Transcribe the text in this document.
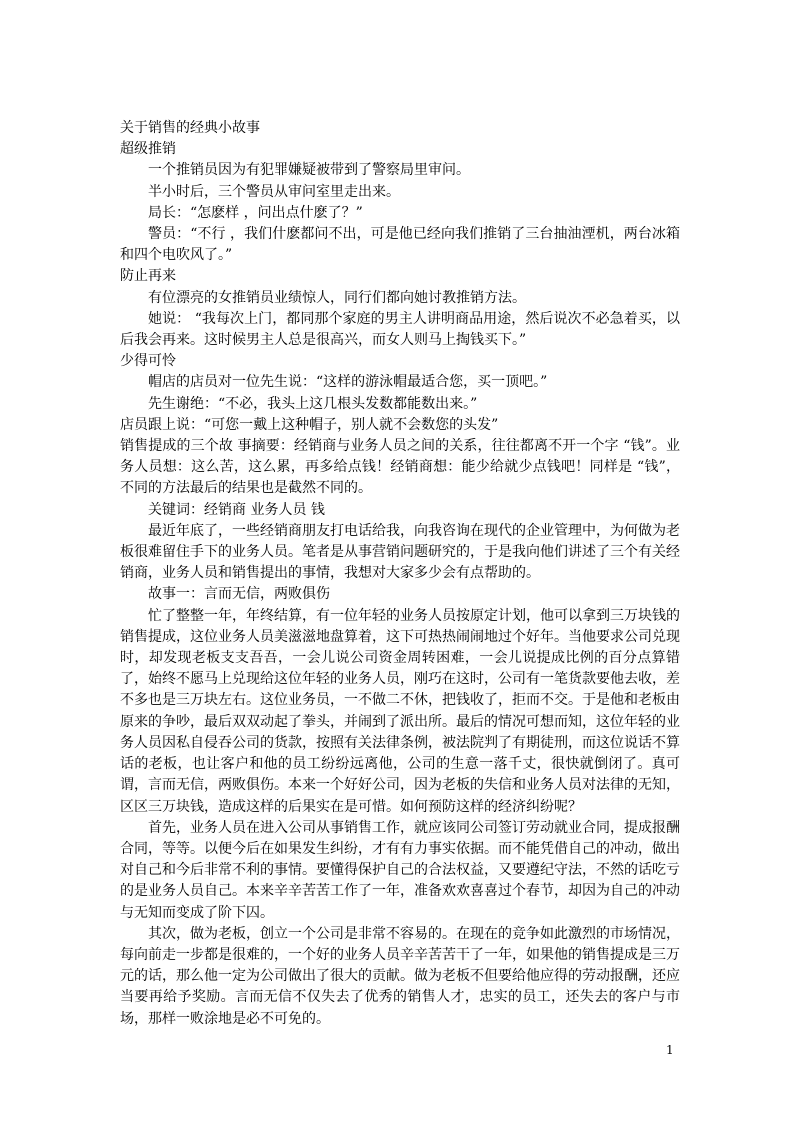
关于销售的经典小故事

超级推销

一个推销员因为有犯罪嫌疑被带到了警察局里审问。

半小时后，三个警员从审问室里走出来。

局长：“怎麽样 ，问出点什麽了？”

警员：“不行 ，我们什麽都问不出，可是他已经向我们推销了三台抽油湮机，两台冰箱和四个电吹风了。”

防止再来

有位漂亮的女推销员业绩惊人，同行们都向她讨教推销方法。

她说： “我每次上门，都同那个家庭的男主人讲明商品用途，然后说次不必急着买，以后我会再来。这时候男主人总是很高兴，而女人则马上掏钱买下。”

少得可怜

帽店的店员对一位先生说：“这样的游泳帽最适合您，买一顶吧。”

先生谢绝：“不必，我头上这几根头发数都能数出来。”

店员跟上说：“可您一戴上这种帽子，别人就不会数您的头发”

销售提成的三个故 事摘要：经销商与业务人员之间的关系，往往都离不开一个字 “钱”。业务人员想：这么苦，这么累，再多给点钱！经销商想：能少给就少点钱吧！同样是 “钱”，不同的方法最后的结果也是截然不同的。

关键词：经销商 业务人员 钱

最近年底了，一些经销商朋友打电话给我，向我咨询在现代的企业管理中，为何做为老板很难留住手下的业务人员。笔者是从事营销问题研究的，于是我向他们讲述了三个有关经销商，业务人员和销售提出的事情，我想对大家多少会有点帮助的。

故事一：言而无信，两败俱伤

忙了整整一年，年终结算，有一位年轻的业务人员按原定计划，他可以拿到三万块钱的销售提成，这位业务人员美滋滋地盘算着，这下可热热闹闹地过个好年。当他要求公司兑现时，却发现老板支支吾吾，一会儿说公司资金周转困难，一会儿说提成比例的百分点算错了，始终不愿马上兑现给这位年轻的业务人员，刚巧在这时，公司有一笔货款要他去收，差不多也是三万块左右。这位业务员，一不做二不休，把钱收了，拒而不交。于是他和老板由原来的争吵，最后双双动起了拳头，并闹到了派出所。最后的情况可想而知，这位年轻的业务人员因私自侵吞公司的货款，按照有关法律条例，被法院判了有期徒刑，而这位说话不算话的老板，也让客户和他的员工纷纷远离他，公司的生意一落千丈，很快就倒闭了。真可谓，言而无信，两败俱伤。本来一个好好公司，因为老板的失信和业务人员对法律的无知，区区三万块钱，造成这样的后果实在是可惜。如何预防这样的经济纠纷呢？

首先，业务人员在进入公司从事销售工作，就应该同公司签订劳动就业合同，提成报酬合同，等等。以便今后在如果发生纠纷，才有有力事实依据。而不能凭借自己的冲动，做出对自己和今后非常不利的事情。要懂得保护自己的合法权益，又要遵纪守法，不然的话吃亏的是业务人员自己。本来辛辛苦苦工作了一年，准备欢欢喜喜过个春节，却因为自己的冲动与无知而变成了阶下囚。

其次，做为老板，创立一个公司是非常不容易的。在现在的竞争如此激烈的市场情况，每向前走一步都是很难的，一个好的业务人员辛辛苦苦干了一年，如果他的销售提成是三万元的话，那么他一定为公司做出了很大的贡献。做为老板不但要给他应得的劳动报酬，还应当要再给予奖励。言而无信不仅失去了优秀的销售人才，忠实的员工，还失去的客户与市场，那样一败涂地是必不可免的。

1
